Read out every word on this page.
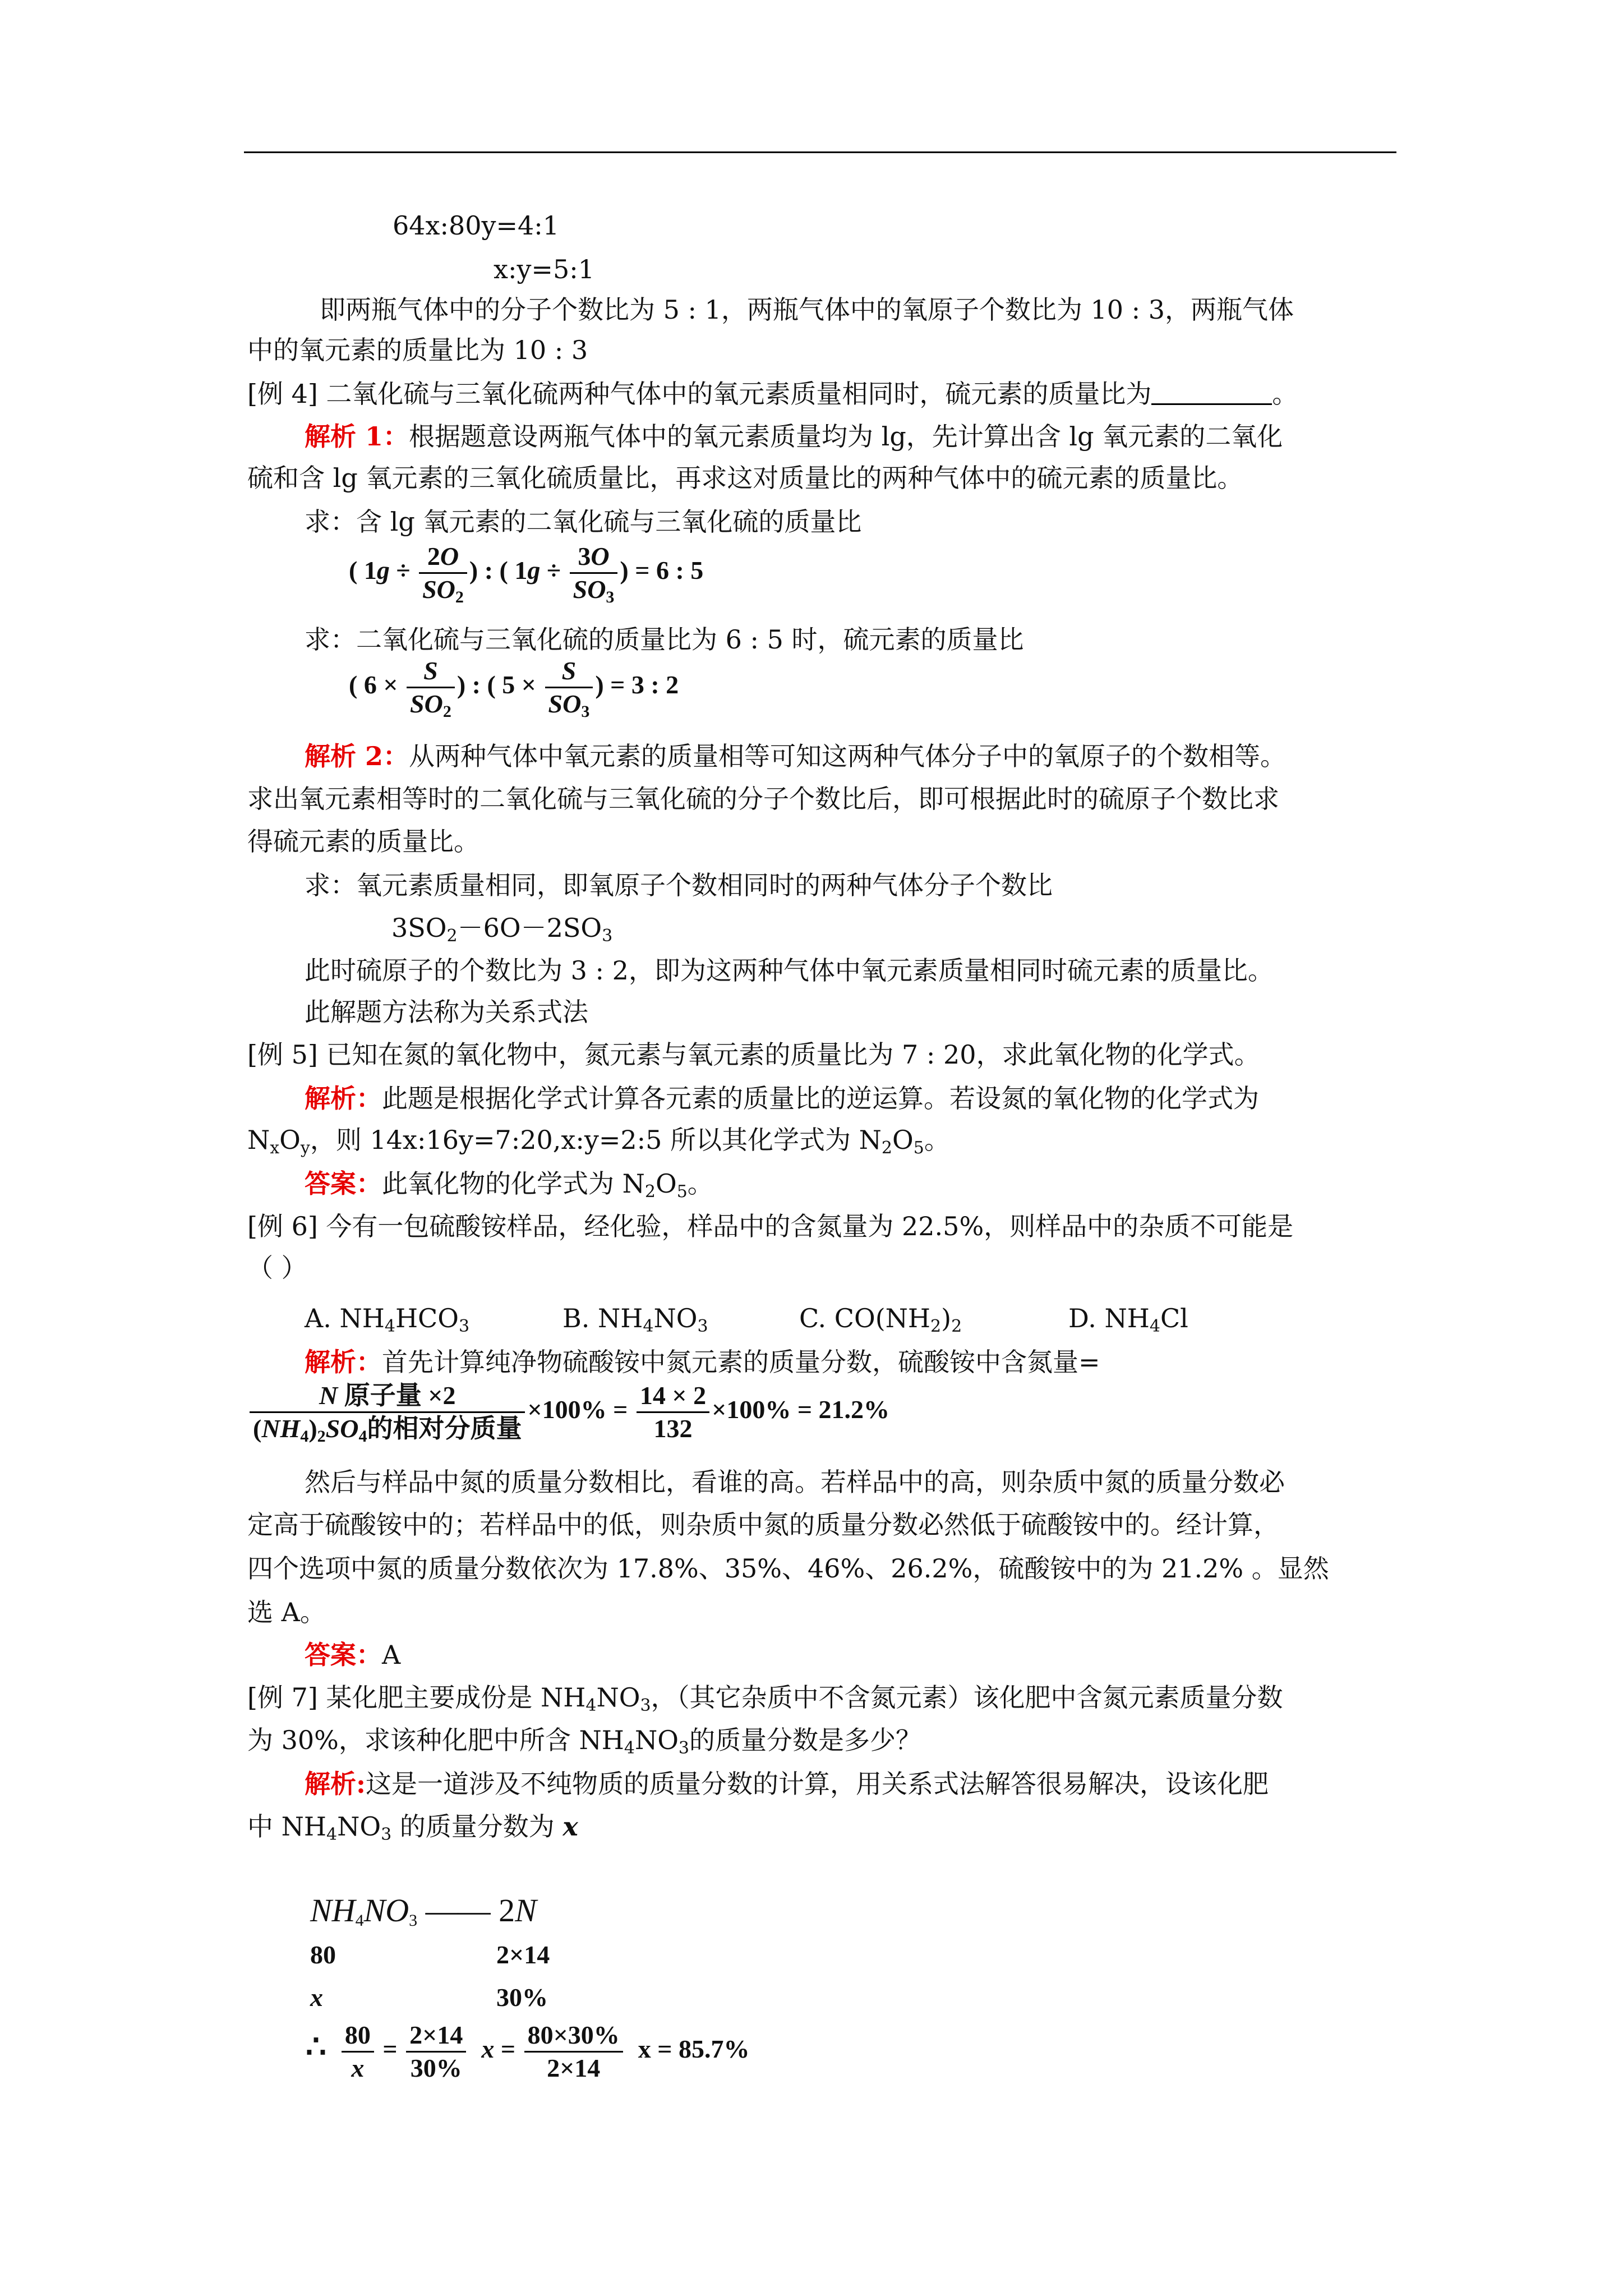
64x:80y=4:1
x:y=5:1
即两瓶气体中的分子个数比为 5 : 1，两瓶气体中的氧原子个数比为 10 : 3，两瓶气体
中的氧元素的质量比为 10 : 3
[例 4] 二氧化硫与三氧化硫两种气体中的氧元素质量相同时，硫元素的质量比为	。
解析 1：根据题意设两瓶气体中的氧元素质量均为 lg，先计算出含 lg 氧元素的二氧化
硫和含 lg 氧元素的三氧化硫质量比，再求这对质量比的两种气体中的硫元素的质量比。
求：含 lg 氧元素的二氧化硫与三氧化硫的质量比
( $1g \div \frac{2O}{SO_2}$ ) : ( $1g \div \frac{3O}{SO_3}$ ) = 6 : 5
求：二氧化硫与三氧化硫的质量比为 6 : 5 时，硫元素的质量比
( $6 \times \frac{S}{SO_2}$ ) : ( $5 \times \frac{S}{SO_3}$ ) = 3 : 2
解析 2：从两种气体中氧元素的质量相等可知这两种气体分子中的氧原子的个数相等。
求出氧元素相等时的二氧化硫与三氧化硫的分子个数比后，即可根据此时的硫原子个数比求
得硫元素的质量比。
求：氧元素质量相同，即氧原子个数相同时的两种气体分子个数比
$3SO_2-6O-2SO_3$
此时硫原子的个数比为 3 : 2，即为这两种气体中氧元素质量相同时硫元素的质量比。
此解题方法称为关系式法
[例 5] 已知在氮的氧化物中，氮元素与氧元素的质量比为 7 : 20，求此氧化物的化学式。
解析：此题是根据化学式计算各元素的质量比的逆运算。若设氮的氧化物的化学式为
$N_xO_y$，则 14x:16y=7:20,x:y=2:5 所以其化学式为 $N_2O_5$。
答案：此氧化物的化学式为 $N_2O_5$。
[例 6] 今有一包硫酸铵样品，经化验，样品中的含氮量为 22.5%，则样品中的杂质不可能是
（ ）
A. $NH_4HCO_3$	B. $NH_4NO_3$	C. $CO(NH_2)_2$	D. $NH_4Cl$
解析：首先计算纯净物硫酸铵中氮元素的质量分数，硫酸铵中含氮量=
$\frac{\text{N 原子量 ×2}}{(NH_4)_2SO_4的相对分质量} \times 100\% = \frac{14 \times 2}{132} \times 100\% = 21.2\%$
然后与样品中氮的质量分数相比，看谁的高。若样品中的高，则杂质中氮的质量分数必
定高于硫酸铵中的；若样品中的低，则杂质中氮的质量分数必然低于硫酸铵中的。经计算，
四个选项中氮的质量分数依次为 17.8%、35%、46%、26.2%，硫酸铵中的为 21.2% 。显然
选 A。
答案：A
[例 7] 某化肥主要成份是 $NH_4NO_3$，（其它杂质中不含氮元素）该化肥中含氮元素质量分数
为 30%，求该种化肥中所含 $NH_4NO_3$的质量分数是多少？
解析:这是一道涉及不纯物质的质量分数的计算，用关系式法解答很易解决，设该化肥
中 $NH_4NO_3$ 的质量分数为 x
$NH_4NO_3$ —— 2N
80	2×14
x	30%
∴ $\frac{80}{x} = \frac{2\times 14}{30\%}$ $x = \frac{80\times 30\%}{2\times 14}$ x = 85.7%
